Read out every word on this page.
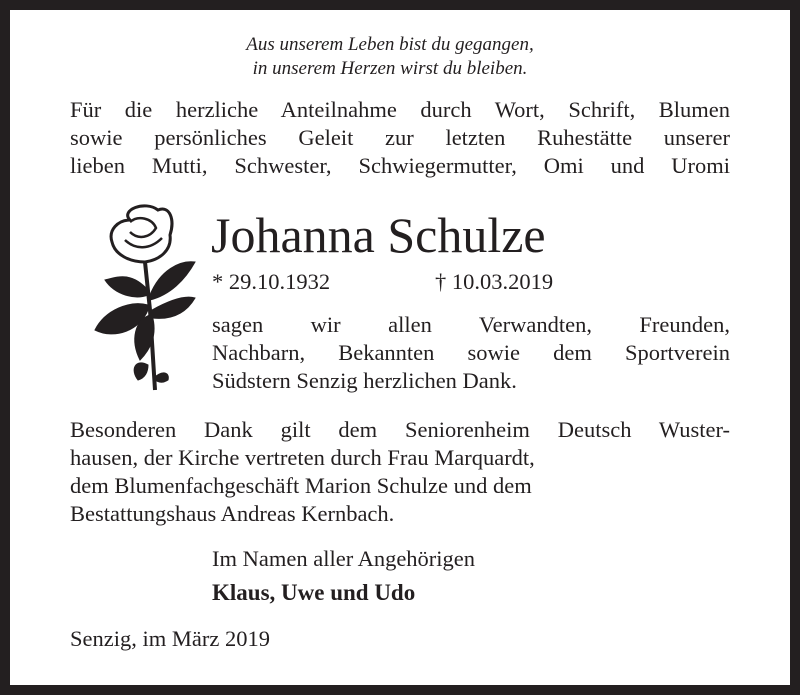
Aus unserem Leben bist du gegangen,
in unserem Herzen wirst du bleiben.
Für die herzliche Anteilnahme durch Wort, Schrift, Blumen
sowie persönliches Geleit zur letzten Ruhestätte unserer
lieben Mutti, Schwester, Schwiegermutter, Omi und Uromi
Johanna Schulze
* 29.10.1932	† 10.03.2019
sagen wir allen Verwandten, Freunden,
Nachbarn, Bekannten sowie dem Sportverein
Südstern Senzig herzlichen Dank.
Besonderen Dank gilt dem Seniorenheim Deutsch Wuster-
hausen, der Kirche vertreten durch Frau Marquardt,
dem Blumenfachgeschäft Marion Schulze und dem
Bestattungshaus Andreas Kernbach.
Im Namen aller Angehörigen
Klaus, Uwe und Udo
Senzig, im März 2019
